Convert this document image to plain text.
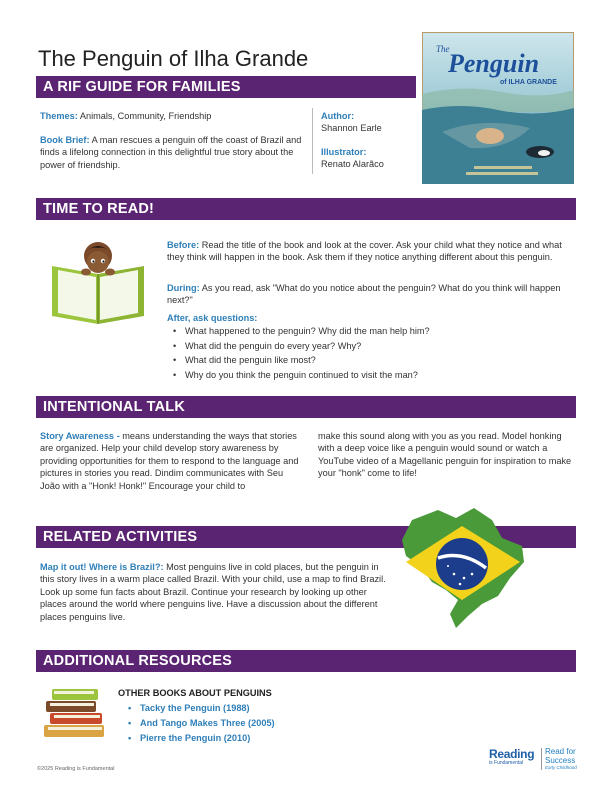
The Penguin of Ilha Grande
A RIF GUIDE FOR FAMILIES

Themes: Animals, Community, Friendship

Book Brief: A man rescues a penguin off the coast of Brazil and finds a lifelong connection in this delightful true story about the power of friendship.

Author:
Shannon Earle
Illustrator:
Renato Alarãco
The
Penguin
of ILHA GRANDE
TIME TO READ!

Before: Read the title of the book and look at the cover. Ask your child what they notice and what they think will happen in the book. Ask them if they notice anything different about this penguin.

During: As you read, ask "What do you notice about the penguin? What do you think will happen next?"

After, ask questions:

• What happened to the penguin? Why did the man help him?
• What did the penguin do every year? Why?
• What did the penguin like most?
• Why do you think the penguin continued to visit the man?
INTENTIONAL TALK

Story Awareness - means understanding the ways that stories are organized. Help your child develop story awareness by providing opportunities for them to respond to the language and pictures in stories you read. Dindim communicates with Seu João with a "Honk! Honk!" Encourage your child to

make this sound along with you as you read. Model honking with a deep voice like a penguin would sound or watch a YouTube video of a Magellanic penguin for inspiration to make your "honk" come to life!

RELATED ACTIVITIES

Map it out! Where is Brazil?: Most penguins live in cold places, but the penguin in this story lives in a warm place called Brazil. With your child, use a map to find Brazil. Look up some fun facts about Brazil. Continue your research by looking up other places around the world where penguins live. Have a discussion about the different places penguins live.

ADDITIONAL RESOURCES
OTHER BOOKS ABOUT PENGUINS
• Tacky the Penguin (1988)
• And Tango Makes Three (2005)
• Pierre the Penguin (2010)
©2025 Reading is Fundamental
Reading
is Fundamental
Read for Success
Early Childhood
